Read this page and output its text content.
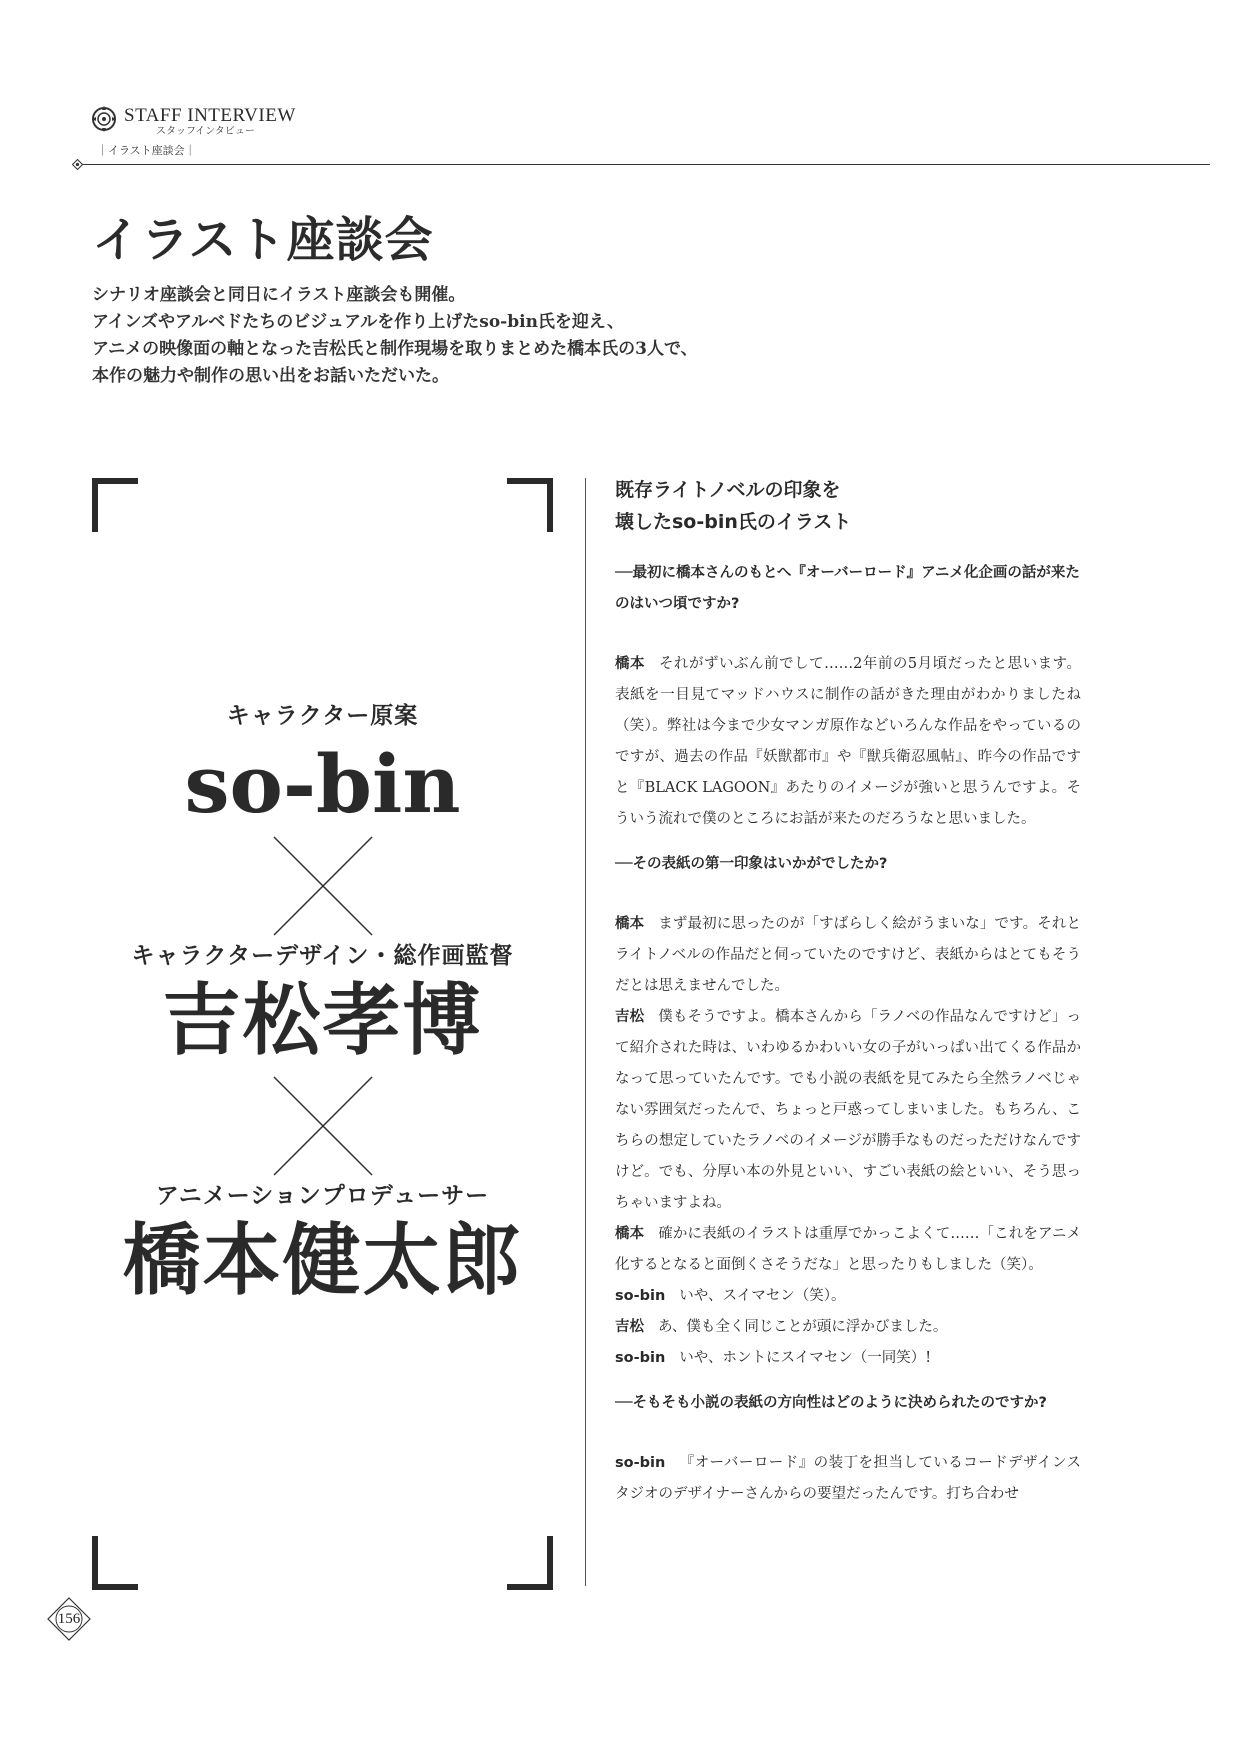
STAFF INTERVIEW
スタッフインタビュー
｜イラスト座談会｜
イラスト座談会
シナリオ座談会と同日にイラスト座談会も開催。
アインズやアルベドたちのビジュアルを作り上げたso-bin氏を迎え、
アニメの映像面の軸となった吉松氏と制作現場を取りまとめた橋本氏の3人で、
本作の魅力や制作の思い出をお話いただいた。
キャラクター原案
so-bin
キャラクターデザイン・総作画監督
吉松孝博
アニメーションプロデューサー
橋本健太郎
既存ライトノベルの印象を
壊したso-bin氏のイラスト
──最初に橋本さんのもとへ『オーバーロード』アニメ化企画の話が来たのはいつ頃ですか?

橋本 それがずいぶん前でして……2年前の5月頃だったと思います。表紙を一目見てマッドハウスに制作の話がきた理由がわかりましたね（笑）。弊社は今まで少女マンガ原作などいろんな作品をやっているのですが、過去の作品『妖獣都市』や『獣兵衛忍風帖』、昨今の作品ですと『BLACK LAGOON』あたりのイメージが強いと思うんですよ。そういう流れで僕のところにお話が来たのだろうなと思いました。

──その表紙の第一印象はいかがでしたか?

橋本 まず最初に思ったのが「すばらしく絵がうまいな」です。それとライトノベルの作品だと伺っていたのですけど、表紙からはとてもそうだとは思えませんでした。

吉松 僕もそうですよ。橋本さんから「ラノベの作品なんですけど」って紹介された時は、いわゆるかわいい女の子がいっぱい出てくる作品かなって思っていたんです。でも小説の表紙を見てみたら全然ラノベじゃない雰囲気だったんで、ちょっと戸惑ってしまいました。もちろん、こちらの想定していたラノベのイメージが勝手なものだっただけなんですけど。でも、分厚い本の外見といい、すごい表紙の絵といい、そう思っちゃいますよね。

橋本 確かに表紙のイラストは重厚でかっこよくて……「これをアニメ化するとなると面倒くさそうだな」と思ったりもしました（笑）。

so-bin いや、スイマセン（笑）。

吉松 あ、僕も全く同じことが頭に浮かびました。

so-bin いや、ホントにスイマセン（一同笑）!

──そもそも小説の表紙の方向性はどのように決められたのですか?

so-bin 『オーバーロード』の装丁を担当しているコードデザインスタジオのデザイナーさんからの要望だったんです。打ち合わせ

156
